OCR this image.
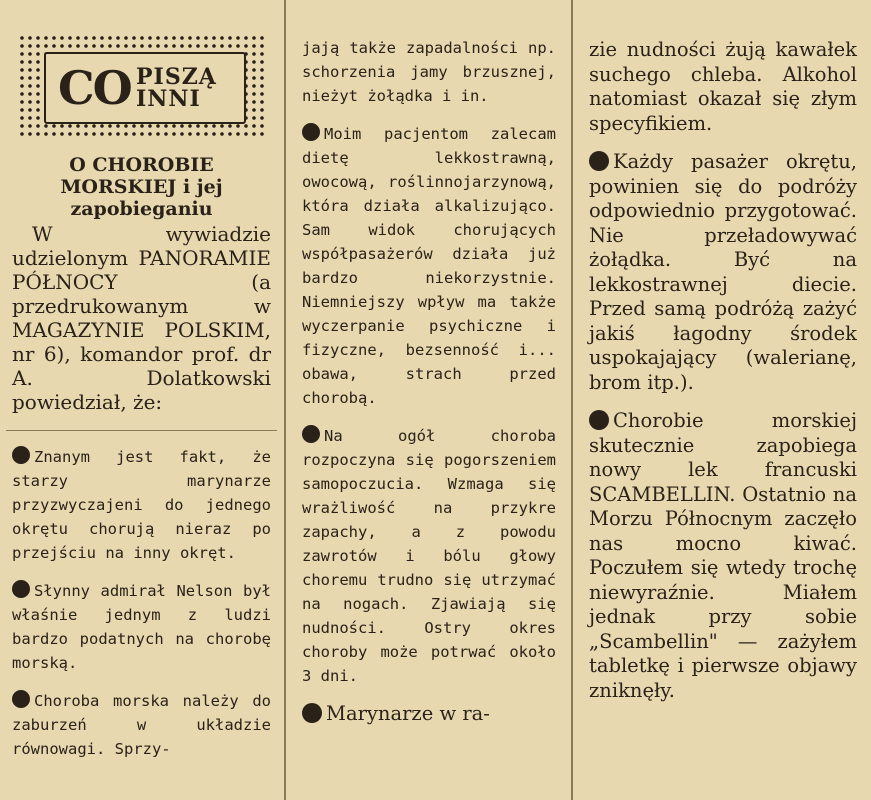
CO PISZĄ
INNI
O CHOROBIE MORSKIEJ i jej zapobieganiu
W wywiadzie udzielonym PANORAMIE PÓŁNOCY (a przedrukowanym w MAGAZYNIE POLSKIM, nr 6), komandor prof. dr A. Dolatkowski powiedział, że:

Znanym jest fakt, że starzy marynarze przyzwyczajeni do jednego okrętu chorują nieraz po przejściu na inny okręt.

Słynny admirał Nelson był właśnie jednym z ludzi bardzo podatnych na chorobę morską.

Choroba morska należy do zaburzeń w układzie równowagi. Sprzy-

jają także zapadalności np. schorzenia jamy brzusznej, nieżyt żołądka i in.

Moim pacjentom zalecam dietę lekkostrawną, owocową, roślinnojarzynową, która działa alkalizująco. Sam widok chorujących współpasażerów działa już bardzo niekorzystnie. Niemniejszy wpływ ma także wyczerpanie psychiczne i fizyczne, bezsenność i... obawa, strach przed chorobą.

Na ogół choroba rozpoczyna się pogorszeniem samopoczucia. Wzmaga się wrażliwość na przykre zapachy, a z powodu zawrotów i bólu głowy choremu trudno się utrzymać na nogach. Zjawiają się nudności. Ostry okres choroby może potrwać około 3 dni.

Marynarze w ra-

zie nudności żują kawałek suchego chleba. Alkohol natomiast okazał się złym specyfikiem.

Każdy pasażer okrętu, powinien się do podróży odpowiednio przygotować. Nie przeładowywać żołądka. Być na lekkostrawnej diecie. Przed samą podróżą zażyć jakiś łagodny środek uspokajający (walerianę, brom itp.).

Chorobie morskiej skutecznie zapobiega nowy lek francuski SCAMBELLIN. Ostatnio na Morzu Północnym zaczęło nas mocno kiwać. Poczułem się wtedy trochę niewyraźnie. Miałem jednak przy sobie „Scambellin" — zażyłem tabletkę i pierwsze objawy zniknęły.
